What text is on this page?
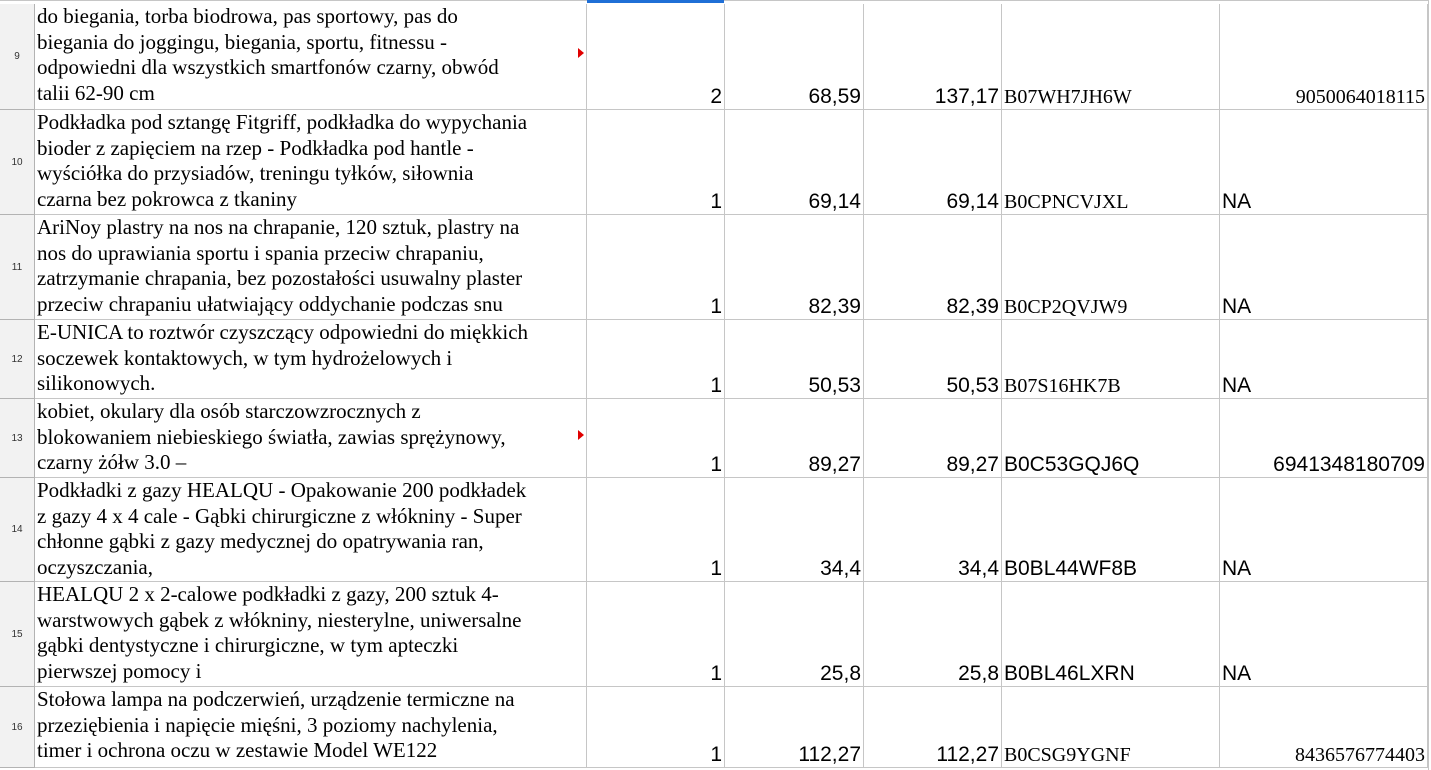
9
do biegania, torba biodrowa, pas sportowy, pas do
biegania do joggingu, biegania, sportu, fitnessu -
odpowiedni dla wszystkich smartfonów czarny, obwód
talii 62-90 cm	2	68,59	137,17 B07WH7JH6W	9050064018115
10
Podkładka pod sztangę Fitgriff, podkładka do wypychania
bioder z zapięciem na rzep - Podkładka pod hantle -
wyściółka do przysiadów, treningu tyłków, siłownia
czarna bez pokrowca z tkaniny	1	69,14	69,14 B0CPNCVJXL	NA
11
AriNoy plastry na nos na chrapanie, 120 sztuk, plastry na
nos do uprawiania sportu i spania przeciw chrapaniu,
zatrzymanie chrapania, bez pozostałości usuwalny plaster
przeciw chrapaniu ułatwiający oddychanie podczas snu	1	82,39	82,39 B0CP2QVJW9	NA
12
E-UNICA to roztwór czyszczący odpowiedni do miękkich
soczewek kontaktowych, w tym hydrożelowych i
silikonowych.	1	50,53	50,53 B07S16HK7B	NA
13
kobiet, okulary dla osób starczowzrocznych z
blokowaniem niebieskiego światła, zawias sprężynowy,
czarny żółw 3.0 –	1	89,27	89,27 B0C53GQJ6Q	6941348180709
14
Podkładki z gazy HEALQU - Opakowanie 200 podkładek
z gazy 4 x 4 cale - Gąbki chirurgiczne z włókniny - Super
chłonne gąbki z gazy medycznej do opatrywania ran,
oczyszczania,	1	34,4	34,4 B0BL44WF8B	NA
15
HEALQU 2 x 2-calowe podkładki z gazy, 200 sztuk 4-
warstwowych gąbek z włókniny, niesterylne, uniwersalne
gąbki dentystyczne i chirurgiczne, w tym apteczki
pierwszej pomocy i	1	25,8	25,8 B0BL46LXRN	NA
16
Stołowa lampa na podczerwień, urządzenie termiczne na
przeziębienia i napięcie mięśni, 3 poziomy nachylenia,
timer i ochrona oczu w zestawie Model WE122	1	112,27	112,27 B0CSG9YGNF	8436576774403
